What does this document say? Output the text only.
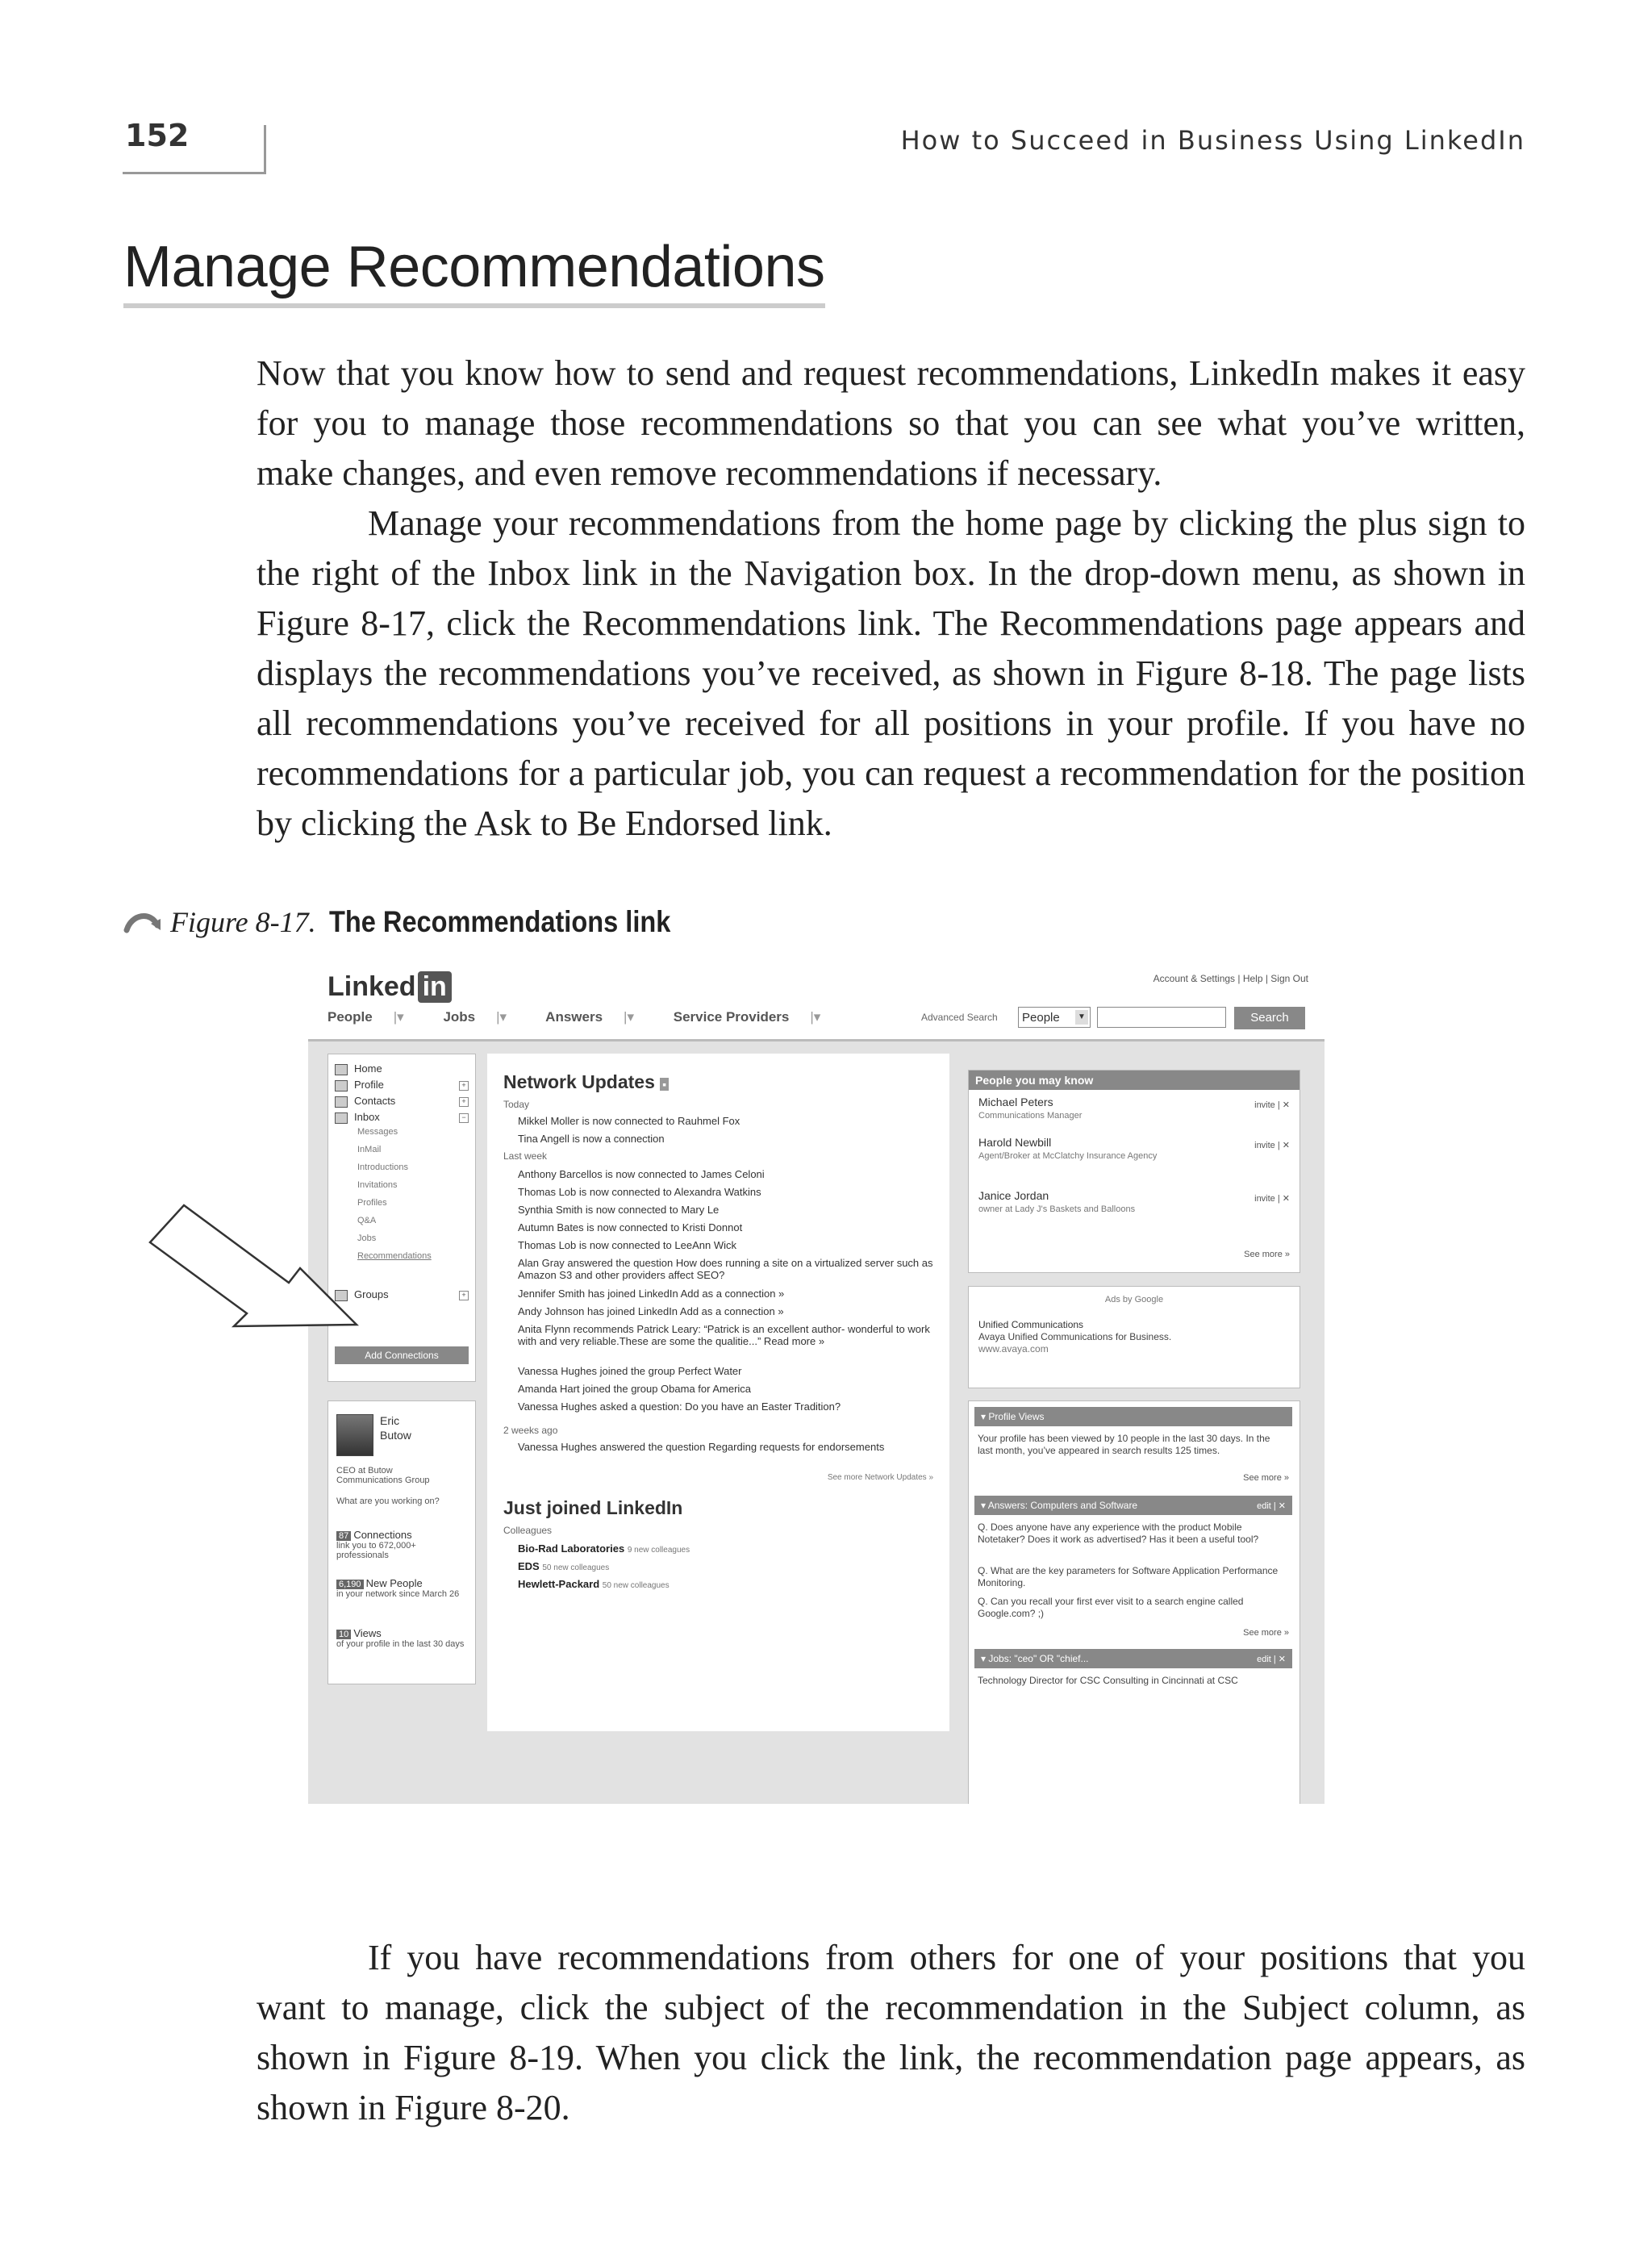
152	How to Succeed in Business Using LinkedIn
Manage Recommendations

Now that you know how to send and request recommendations, LinkedIn makes it easy for you to manage those recommendations so that you can see what you’ve written, make changes, and even remove recommendations if necessary.

Manage your recommendations from the home page by clicking the plus sign to the right of the Inbox link in the Navigation box. In the drop-down menu, as shown in Figure 8-17, click the Recommendations link. The Recommendations page appears and displays the recommendations you’ve received, as shown in Figure 8-18. The page lists all recommendations you’ve received for all positions in your profile. If you have no recommendations for a particular job, you can request a recommendation for the position by clicking the Ask to Be Endorsed link.

Figure 8-17. The Recommendations link
Linked in	Account & Settings | Help | Sign Out
People |▾	Jobs |▾	Answers |▾	Service Providers |▾	Advanced Search	People	▼	Search
Home
Profile	+
Contacts	+
Inbox	−
Messages
InMail
Introductions
Invitations
Profiles
Q&A
Jobs
Recommendations
Groups	+
Add Connections
Eric
Butow
CEO at Butow Communications Group
What are you working on?
87 Connections
link you to 672,000+ professionals
6,190 New People
in your network since March 26
10 Views
of your profile in the last 30 days
Network Updates ▪
Today
Mikkel Moller is now connected to Rauhmel Fox
Tina Angell is now a connection
Last week
Anthony Barcellos is now connected to James Celoni
Thomas Lob is now connected to Alexandra Watkins
Synthia Smith is now connected to Mary Le
Autumn Bates is now connected to Kristi Donnot
Thomas Lob is now connected to LeeAnn Wick
Alan Gray answered the question How does running a site on a virtualized server such as Amazon S3 and other providers affect SEO?
Jennifer Smith has joined LinkedIn Add as a connection »
Andy Johnson has joined LinkedIn Add as a connection »
Anita Flynn recommends Patrick Leary: “Patrick is an excellent author- wonderful to work with and very reliable.These are some the qualitie...” Read more »
Vanessa Hughes joined the group Perfect Water
Amanda Hart joined the group Obama for America
Vanessa Hughes asked a question: Do you have an Easter Tradition?
2 weeks ago
Vanessa Hughes answered the question Regarding requests for endorsements
See more Network Updates »
Just joined LinkedIn
Colleagues
Bio-Rad Laboratories 9 new colleagues
EDS 50 new colleagues
Hewlett-Packard 50 new colleagues
People you may know
Michael Peters
Communications Manager
invite | ✕
Harold Newbill
Agent/Broker at McClatchy Insurance Agency
invite | ✕
Janice Jordan
owner at Lady J's Baskets and Balloons
invite | ✕
See more »
Ads by Google
Unified Communications
Avaya Unified Communications for Business.
www.avaya.com
▾ Profile Views
Your profile has been viewed by 10 people in the last 30 days. In the last month, you’ve appeared in search results 125 times.
See more »
▾ Answers: Computers and Software	edit | ✕
Q. Does anyone have any experience with the product Mobile Notetaker? Does it work as advertised? Has it been a useful tool?
Q. What are the key parameters for Software Application Performance Monitoring.
Q. Can you recall your first ever visit to a search engine called Google.com? ;)
See more »
▾ Jobs: "ceo" OR "chief...	edit | ✕
Technology Director for CSC Consulting in Cincinnati at CSC

If you have recommendations from others for one of your positions that you want to manage, click the subject of the recommendation in the Subject column, as shown in Figure 8-19. When you click the link, the recommendation page appears, as shown in Figure 8-20.
